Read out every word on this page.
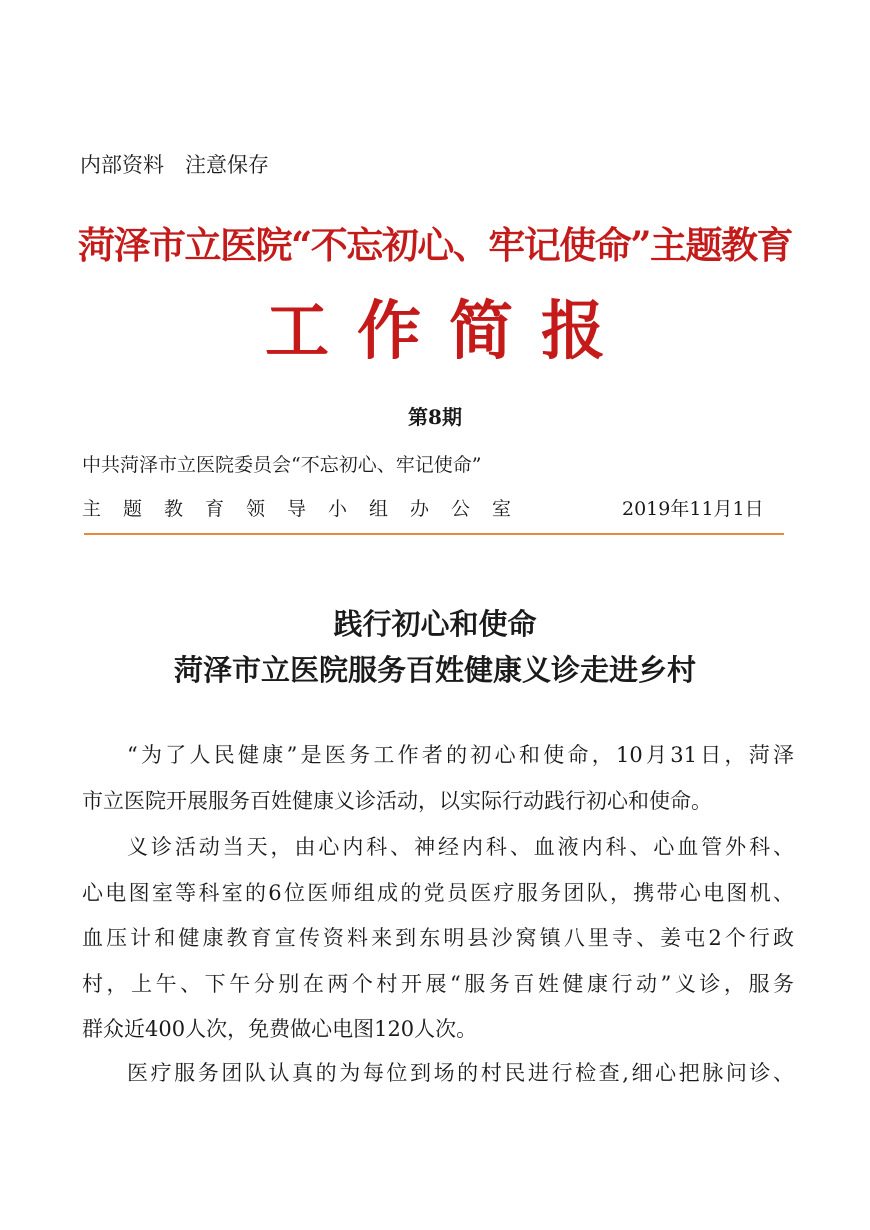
内部资料　注意保存
菏泽市立医院“不忘初心、牢记使命”主题教育
工作简报
第8期
中共菏泽市立医院委员会“不忘初心、牢记使命”
主题教育领导小组办公室	2019年11月1日
践行初心和使命
菏泽市立医院服务百姓健康义诊走进乡村
“为了人民健康”是医务工作者的初心和使命，10月31日，菏泽
市立医院开展服务百姓健康义诊活动，以实际行动践行初心和使命。
义诊活动当天，由心内科、神经内科、血液内科、心血管外科、
心电图室等科室的6位医师组成的党员医疗服务团队，携带心电图机、
血压计和健康教育宣传资料来到东明县沙窝镇八里寺、姜屯2个行政
村，上午、下午分别在两个村开展“服务百姓健康行动”义诊，服务
群众近400人次，免费做心电图120人次。
医疗服务团队认真的为每位到场的村民进行检查,细心把脉问诊、
